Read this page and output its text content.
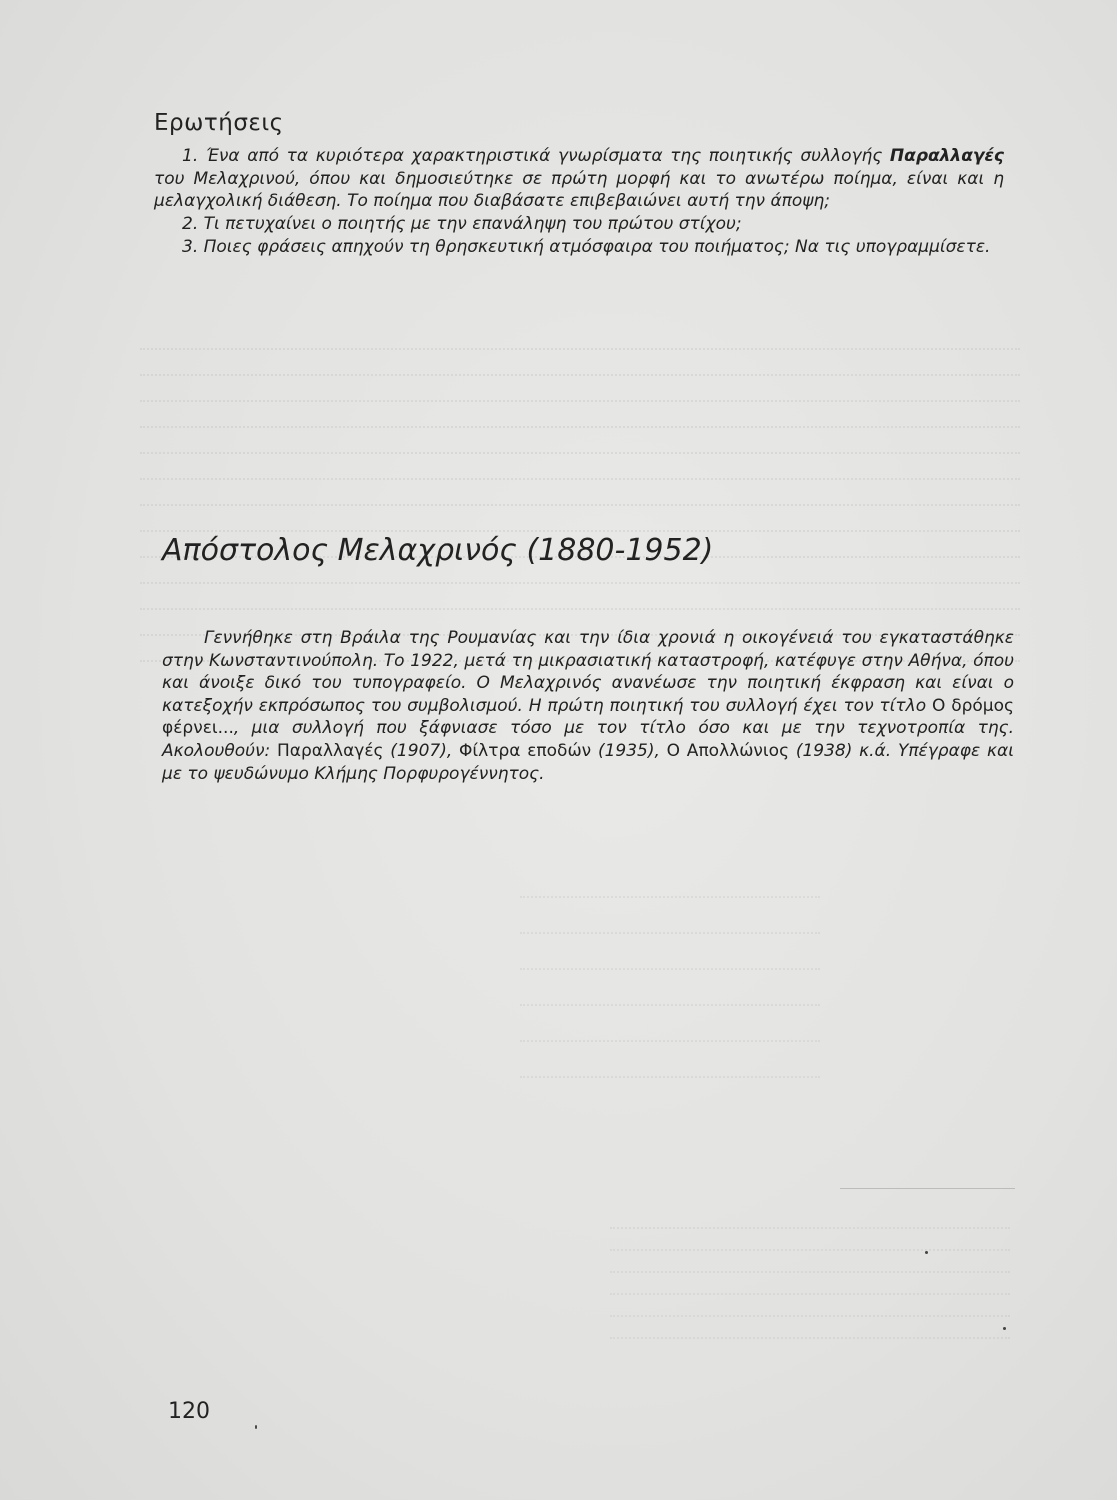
Ερωτήσεις

1. Ένα από τα κυριότερα χαρακτηριστικά γνωρίσματα της ποιητικής συλλογής Παραλλαγές του Μελαχρινού, όπου και δημοσιεύτηκε σε πρώτη μορφή και το ανωτέρω ποίημα, είναι και η μελαγχολική διάθεση. Το ποίημα που διαβάσατε επιβεβαιώνει αυτή την άποψη;

2. Τι πετυχαίνει ο ποιητής με την επανάληψη του πρώτου στίχου;

3. Ποιες φράσεις απηχούν τη θρησκευτική ατμόσφαιρα του ποιήματος; Να τις υπογραμμίσετε.

Απόστολος Μελαχρινός (1880-1952)

Γεννήθηκε στη Βράιλα της Ρουμανίας και την ίδια χρονιά η οικογένειά του εγκαταστάθηκε στην Κωνσταντινούπολη. Το 1922, μετά τη μικρασιατική καταστροφή, κατέφυγε στην Αθήνα, όπου και άνοιξε δικό του τυπογραφείο. Ο Μελαχρινός ανανέωσε την ποιητική έκφραση και είναι ο κατεξοχήν εκπρόσωπος του συμβολισμού. Η πρώτη ποιητική του συλλογή έχει τον τίτλο Ο δρόμος φέρνει..., μια συλλογή που ξάφνιασε τόσο με τον τίτλο όσο και με την τεχνοτροπία της. Ακολουθούν: Παραλλαγές (1907), Φίλτρα εποδών (1935), Ο Απολλώνιος (1938) κ.ά. Υπέγραφε και με το ψευδώνυμο Κλήμης Πορφυρογέννητος.

120
